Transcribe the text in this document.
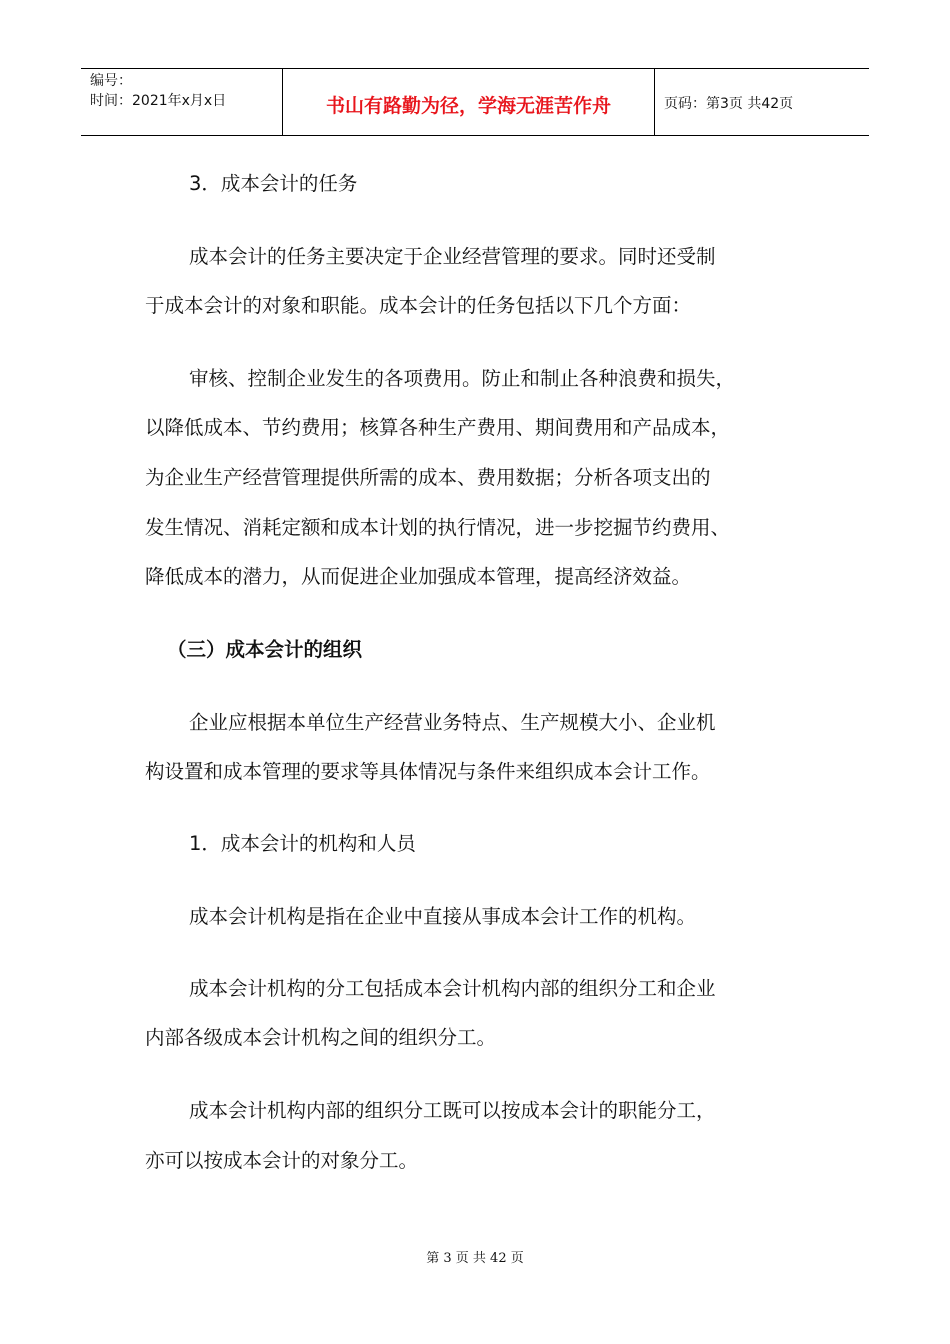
编号：
时间：2021年x月x日	书山有路勤为径，学海无涯苦作舟	页码：第3页 共42页

3．成本会计的任务

成本会计的任务主要决定于企业经营管理的要求。同时还受制

于成本会计的对象和职能。成本会计的任务包括以下几个方面：

审核、控制企业发生的各项费用。防止和制止各种浪费和损失，

以降低成本、节约费用；核算各种生产费用、期间费用和产品成本，

为企业生产经营管理提供所需的成本、费用数据；分析各项支出的

发生情况、消耗定额和成本计划的执行情况，进一步挖掘节约费用、

降低成本的潜力，从而促进企业加强成本管理，提高经济效益。

（三）成本会计的组织

企业应根据本单位生产经营业务特点、生产规模大小、企业机

构设置和成本管理的要求等具体情况与条件来组织成本会计工作。

1．成本会计的机构和人员

成本会计机构是指在企业中直接从事成本会计工作的机构。

成本会计机构的分工包括成本会计机构内部的组织分工和企业

内部各级成本会计机构之间的组织分工。

成本会计机构内部的组织分工既可以按成本会计的职能分工，

亦可以按成本会计的对象分工。

第 3 页 共 42 页
